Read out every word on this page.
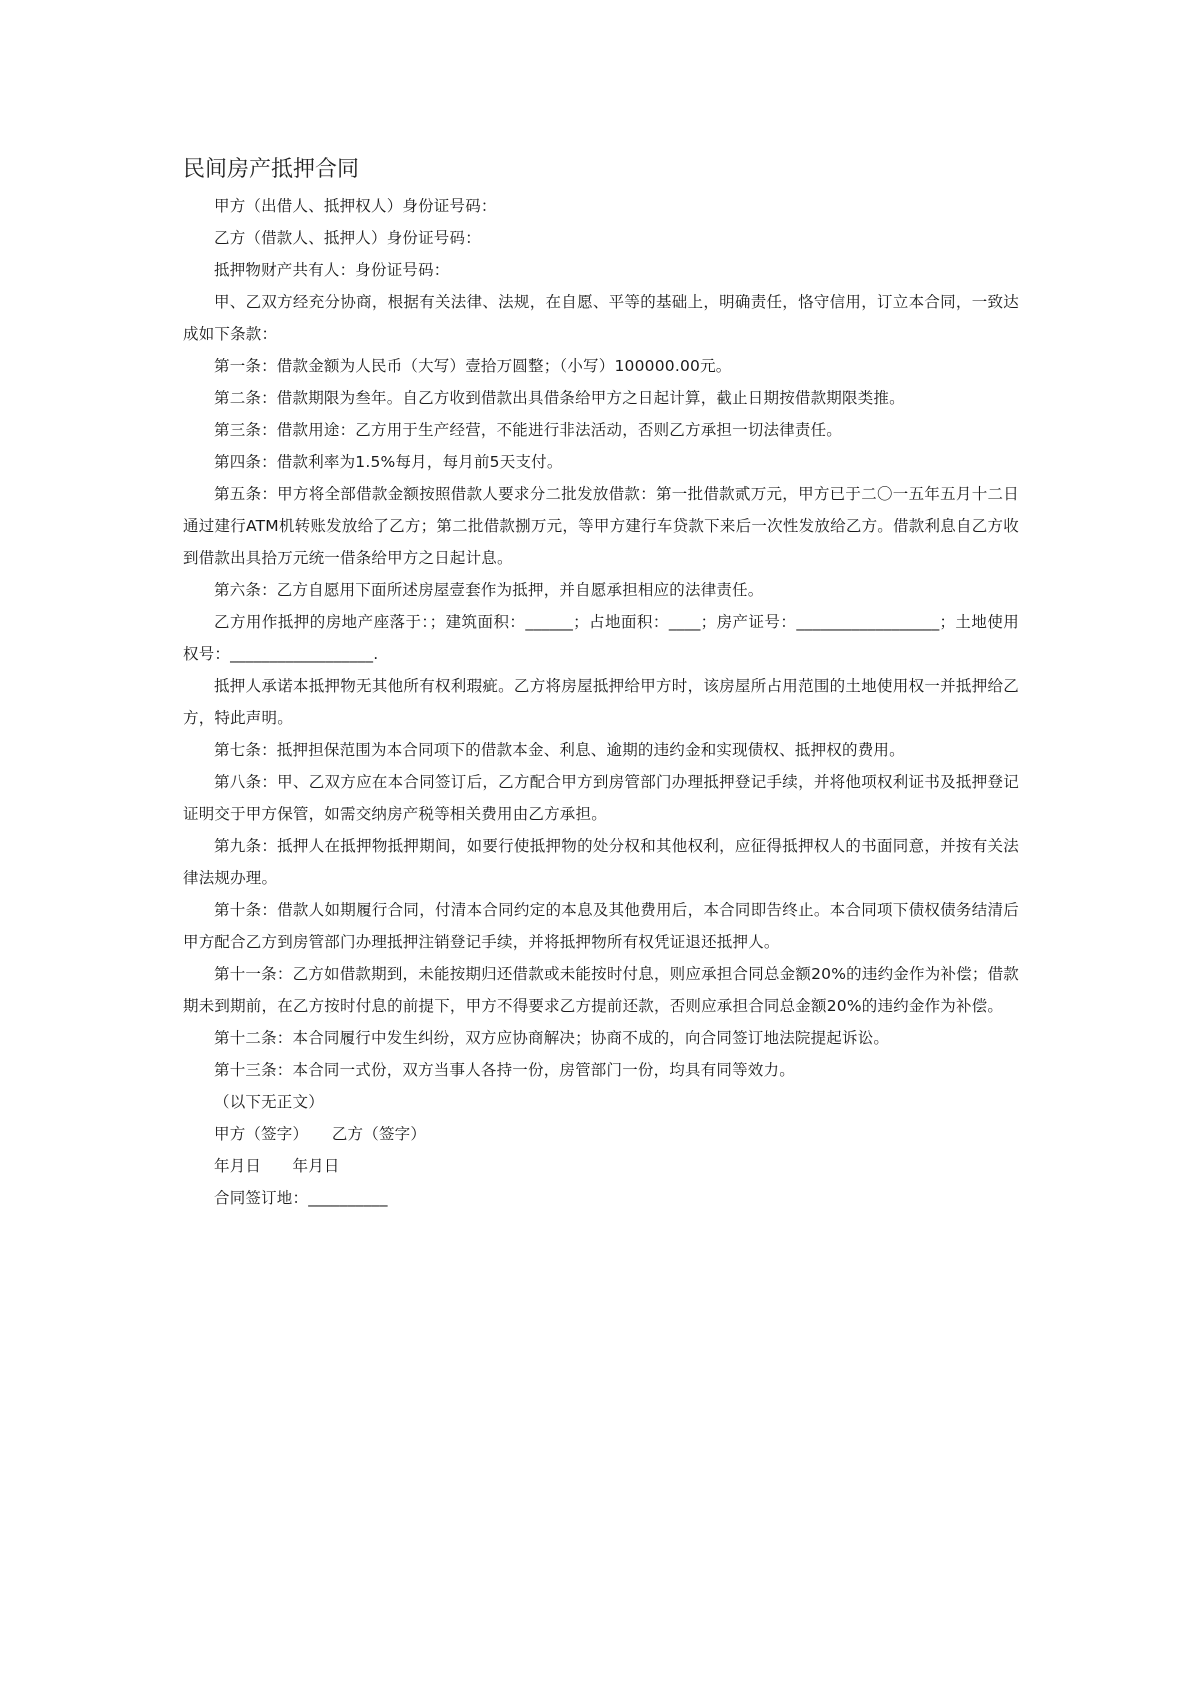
民间房产抵押合同

甲方（出借人、抵押权人）身份证号码：

乙方（借款人、抵押人）身份证号码：

抵押物财产共有人：身份证号码：

甲、乙双方经充分协商，根据有关法律、法规，在自愿、平等的基础上，明确责任，恪守信用，订立本合同，一致达成如下条款：

第一条：借款金额为人民币（大写）壹拾万圆整；（小写）100000.00元。

第二条：借款期限为叁年。自乙方收到借款出具借条给甲方之日起计算，截止日期按借款期限类推。

第三条：借款用途：乙方用于生产经营，不能进行非法活动，否则乙方承担一切法律责任。

第四条：借款利率为1.5%每月，每月前5天支付。

第五条：甲方将全部借款金额按照借款人要求分二批发放借款：第一批借款贰万元，甲方已于二〇一五年五月十二日通过建行ATM机转账发放给了乙方；第二批借款捌万元，等甲方建行车贷款下来后一次性发放给乙方。借款利息自乙方收到借款出具拾万元统一借条给甲方之日起计息。

第六条：乙方自愿用下面所述房屋壹套作为抵押，并自愿承担相应的法律责任。

乙方用作抵押的房地产座落于：；建筑面积：______；占地面积：____；房产证号：__________________；土地使用权号：__________________.

抵押人承诺本抵押物无其他所有权利瑕疵。乙方将房屋抵押给甲方时，该房屋所占用范围的土地使用权一并抵押给乙方，特此声明。

第七条：抵押担保范围为本合同项下的借款本金、利息、逾期的违约金和实现债权、抵押权的费用。

第八条：甲、乙双方应在本合同签订后，乙方配合甲方到房管部门办理抵押登记手续，并将他项权利证书及抵押登记证明交于甲方保管，如需交纳房产税等相关费用由乙方承担。

第九条：抵押人在抵押物抵押期间，如要行使抵押物的处分权和其他权利，应征得抵押权人的书面同意，并按有关法律法规办理。

第十条：借款人如期履行合同，付清本合同约定的本息及其他费用后，本合同即告终止。本合同项下债权债务结清后甲方配合乙方到房管部门办理抵押注销登记手续，并将抵押物所有权凭证退还抵押人。

第十一条：乙方如借款期到，未能按期归还借款或未能按时付息，则应承担合同总金额20%的违约金作为补偿；借款期未到期前，在乙方按时付息的前提下，甲方不得要求乙方提前还款，否则应承担合同总金额20%的违约金作为补偿。

第十二条：本合同履行中发生纠纷，双方应协商解决；协商不成的，向合同签订地法院提起诉讼。

第十三条：本合同一式份，双方当事人各持一份，房管部门一份，均具有同等效力。

（以下无正文）

甲方（签字）　　乙方（签字）

年月日　　年月日

合同签订地：__________
